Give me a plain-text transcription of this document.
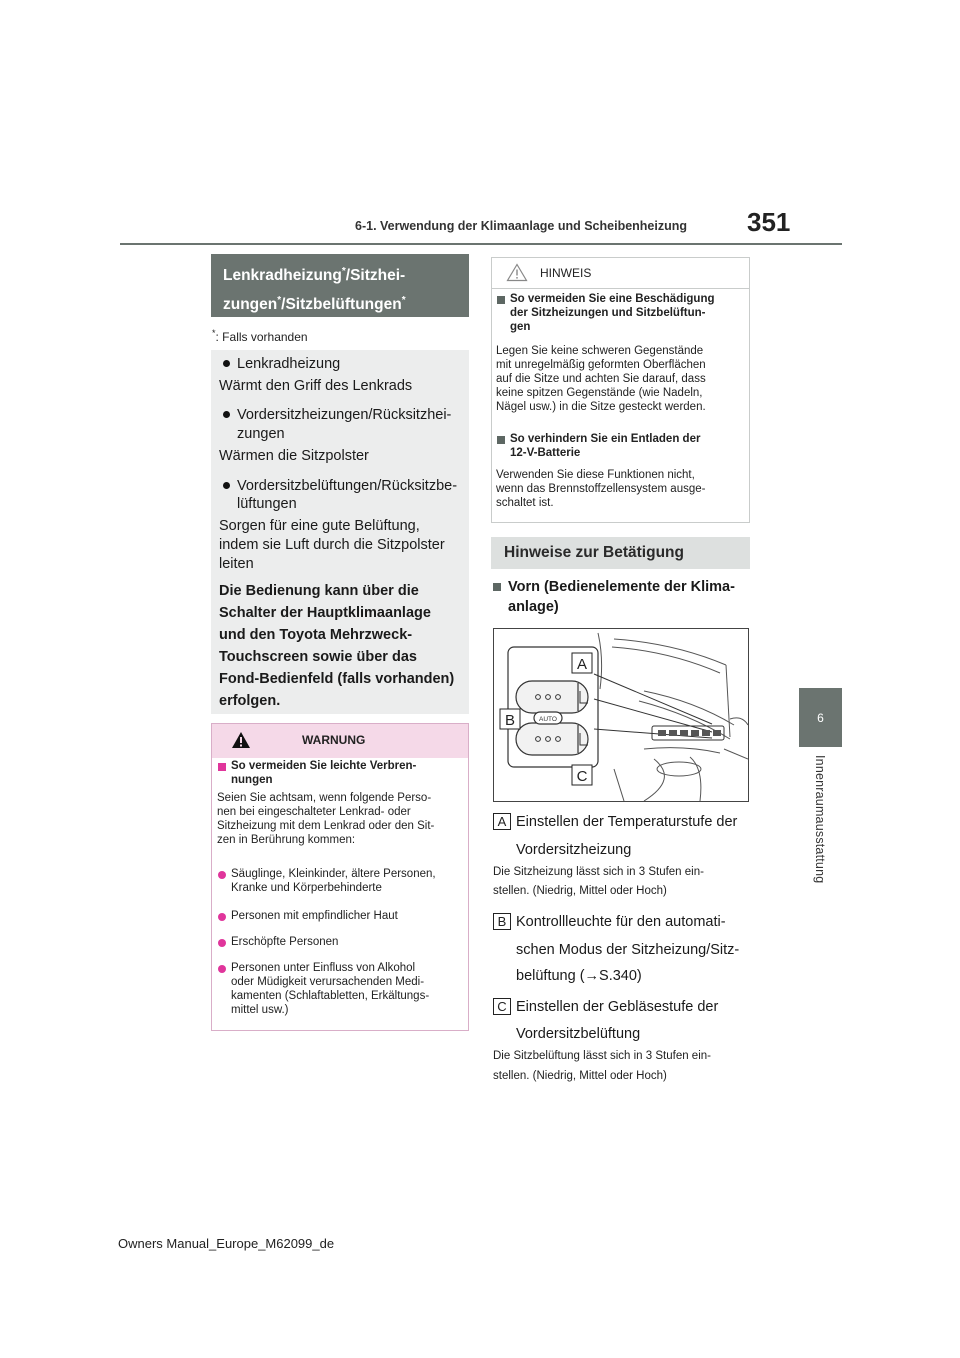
6-1. Verwendung der Klimaanlage und Scheibenheizung 351
6
Innenraumausstattung
Lenkradheizung*/Sitzhei-
zungen*/Sitzbelüftungen*
*: Falls vorhanden
Lenkradheizung
Wärmt den Griff des Lenkrads
Vordersitzheizungen/Rücksitzhei-
zungen
Wärmen die Sitzpolster
Vordersitzbelüftungen/Rücksitzbe-
lüftungen
Sorgen für eine gute Belüftung,
indem sie Luft durch die Sitzpolster
leiten
Die Bedienung kann über die
Schalter der Hauptklimaanlage
und den Toyota Mehrzweck-
Touchscreen sowie über das
Fond-Bedienfeld (falls vorhanden)
erfolgen.
WARNUNG
So vermeiden Sie leichte Verbren-
nungen
Seien Sie achtsam, wenn folgende Perso-
nen bei eingeschalteter Lenkrad- oder
Sitzheizung mit dem Lenkrad oder den Sit-
zen in Berührung kommen:
Säuglinge, Kleinkinder, ältere Personen,
Kranke und Körperbehinderte
Personen mit empfindlicher Haut
Erschöpfte Personen
Personen unter Einfluss von Alkohol
oder Müdigkeit verursachenden Medi-
kamenten (Schlaftabletten, Erkältungs-
mittel usw.)
HINWEIS
So vermeiden Sie eine Beschädigung
der Sitzheizungen und Sitzbelüftun-
gen
Legen Sie keine schweren Gegenstände
mit unregelmäßig geformten Oberflächen
auf die Sitze und achten Sie darauf, dass
keine spitzen Gegenstände (wie Nadeln,
Nägel usw.) in die Sitze gesteckt werden.
So verhindern Sie ein Entladen der
12-V-Batterie
Verwenden Sie diese Funktionen nicht,
wenn das Brennstoffzellensystem ausge-
schaltet ist.
Hinweise zur Betätigung
Vorn (Bedienelemente der Klima-
anlage)
AUTO
A
B
C
A Einstellen der Temperaturstufe der
Vordersitzheizung
Die Sitzheizung lässt sich in 3 Stufen ein-
stellen. (Niedrig, Mittel oder Hoch)
B Kontrollleuchte für den automati-
schen Modus der Sitzheizung/Sitz-
belüftung (→S.340)
C Einstellen der Gebläsestufe der
Vordersitzbelüftung
Die Sitzbelüftung lässt sich in 3 Stufen ein-
stellen. (Niedrig, Mittel oder Hoch)
Owners Manual_Europe_M62099_de
